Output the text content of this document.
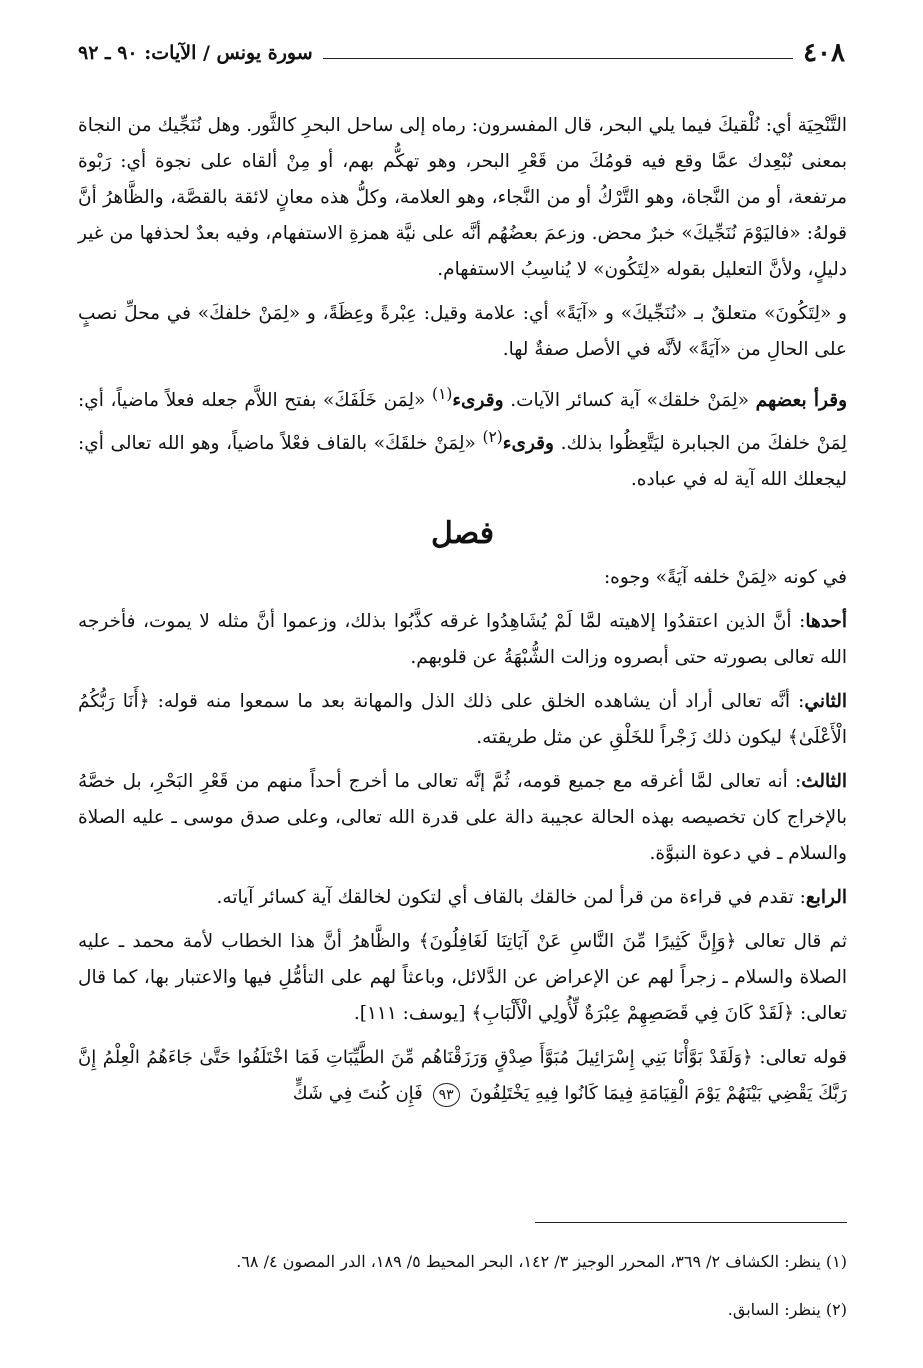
٤٠٨
سورة يونس / الآيات: ٩٠ ـ ٩٢

التَّنْحِيَة أي: نُلْقيكَ فيما يلي البحر، قال المفسرون: رماه إلى ساحل البحرِ كالثَّور. وهل نُنَجِّيك من النجاة بمعنى نُبْعِدك عمَّا وقع فيه قومُكَ من قَعْرِ البحر، وهو تهكُّم بهم، أو مِنْ ألقاه على نجوة أي: رَبْوة مرتفعة، أو من النَّجاة، وهو التَّرْكُ أو من النَّجاء، وهو العلامة، وكلُّ هذه معانٍ لائقة بالقصَّة، والظَّاهرُ أنَّ قولهُ: «فاليَوْمَ نُنَجِّيكَ» خبرٌ محض. وزعمَ بعضُهُم أنَّه على نيَّة همزةِ الاستفهام، وفيه بعدٌ لحذفها من غير دليلٍ، ولأنَّ التعليل بقوله «لِتَكُون» لا يُناسِبُ الاستفهام.

و «لِتَكُونَ» متعلقٌ بـ «نُنَجِّيكَ» و «آيَةً» أي: علامة وقيل: عِبْرةً وعِظَةً، و «لِمَنْ خلفكَ» في محلِّ نصبٍ على الحالِ من «آيَةً» لأنَّه في الأصل صفةٌ لها.

وقرأ بعضهم «لِمَنْ خلقك» آية كسائر الآيات. وقرىء$^{(١)}$ «لِمَن خَلَفَكَ» بفتح اللاَّم جعله فعلاً ماضياً، أي: لِمَنْ خلفكَ من الجبابرة ليَتَّعِظُوا بذلك. وقرىء$^{(٢)}$ «لِمَنْ خلقَكَ» بالقاف فعْلاً ماضياً، وهو الله تعالى أي: ليجعلك الله آية له في عباده.

فصل

في كونه «لِمَنْ خلفه آيَةً» وجوه:

أحدها: أنَّ الذين اعتقدُوا إلاهيته لمَّا لَمْ يُشَاهِدُوا غرقه كذَّبُوا بذلك، وزعموا أنَّ مثله لا يموت، فأخرجه الله تعالى بصورته حتى أبصروه وزالت الشُّبْهَةُ عن قلوبهم.

الثاني: أنَّه تعالى أراد أن يشاهده الخلق على ذلك الذل والمهانة بعد ما سمعوا منه قوله: ﴿أَنَا رَبُّكُمُ الْأَعْلَىٰ﴾ ليكون ذلك زَجْراً للخَلْقِ عن مثل طريقته.

الثالث: أنه تعالى لمَّا أغرقه مع جميع قومه، ثُمَّ إنَّه تعالى ما أخرج أحداً منهم من قَعْرِ البَحْرِ، بل خصَّهُ بالإخراج كان تخصيصه بهذه الحالة عجيبة دالة على قدرة الله تعالى، وعلى صدق موسى ـ عليه الصلاة والسلام ـ في دعوة النبوَّة.

الرابع: تقدم في قراءة من قرأ لمن خالقك بالقاف أي لتكون لخالقك آية كسائر آياته.

ثم قال تعالى ﴿وَإِنَّ كَثِيرًا مِّنَ النَّاسِ عَنْ آيَاتِنَا لَغَافِلُونَ﴾ والظَّاهرُ أنَّ هذا الخطاب لأمة محمد ـ عليه الصلاة والسلام ـ زجراً لهم عن الإعراض عن الدَّلائل، وباعثاً لهم على التأمُّلِ فيها والاعتبار بها، كما قال تعالى: ﴿لَقَدْ كَانَ فِي قَصَصِهِمْ عِبْرَةٌ لِّأُولِي الْأَلْبَابِ﴾ [يوسف: ١١١].

قوله تعالى: ﴿وَلَقَدْ بَوَّأْنَا بَنِي إِسْرَائِيلَ مُبَوَّأَ صِدْقٍ وَرَزَقْنَاهُم مِّنَ الطَّيِّبَاتِ فَمَا اخْتَلَفُوا حَتَّىٰ جَاءَهُمُ الْعِلْمُ إِنَّ رَبَّكَ يَقْضِي بَيْنَهُمْ يَوْمَ الْقِيَامَةِ فِيمَا كَانُوا فِيهِ يَخْتَلِفُونَ ٩٣ فَإِن كُنتَ فِي شَكٍّ

(١) ينظر: الكشاف ٢/ ٣٦٩، المحرر الوجيز ٣/ ١٤٢، البحر المحيط ٥/ ١٨٩، الدر المصون ٤/ ٦٨.

(٢) ينظر: السابق.
